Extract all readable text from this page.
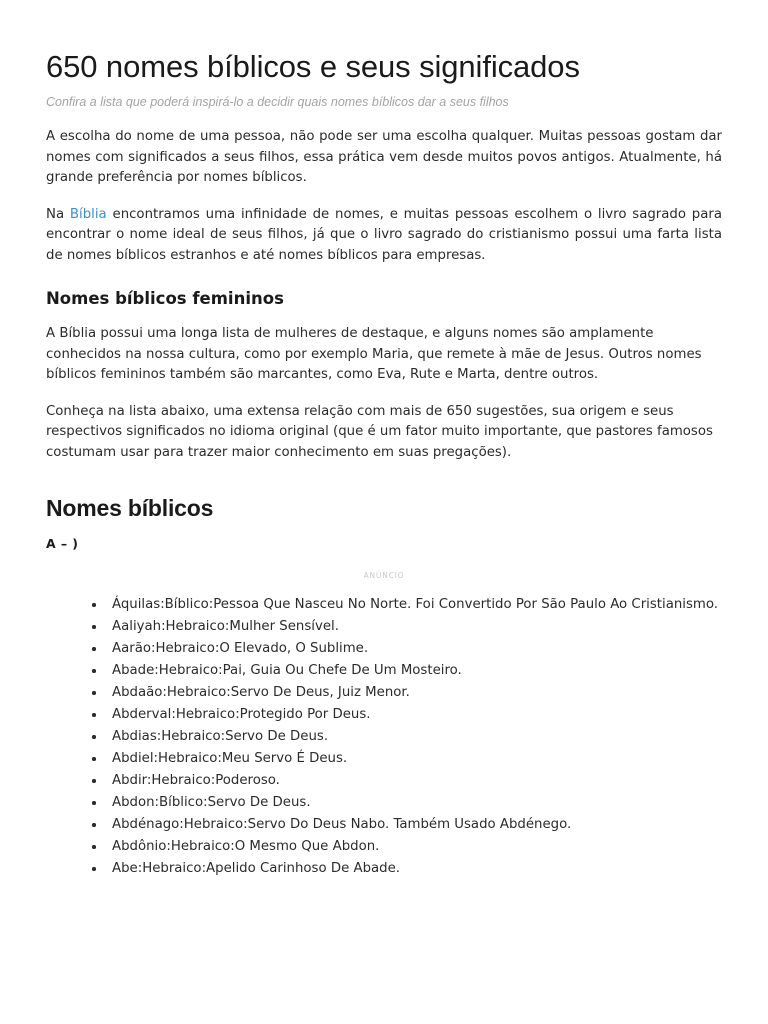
650 nomes bíblicos e seus significados
Confira a lista que poderá inspirá-lo a decidir quais nomes bíblicos dar a seus filhos

A escolha do nome de uma pessoa, não pode ser uma escolha qualquer. Muitas pessoas gostam dar nomes com significados a seus filhos, essa prática vem desde muitos povos antigos. Atualmente, há grande preferência por nomes bíblicos.

Na Bíblia encontramos uma infinidade de nomes, e muitas pessoas escolhem o livro sagrado para encontrar o nome ideal de seus filhos, já que o livro sagrado do cristianismo possui uma farta lista de nomes bíblicos estranhos e até nomes bíblicos para empresas.

Nomes bíblicos femininos

A Bíblia possui uma longa lista de mulheres de destaque, e alguns nomes são amplamente conhecidos na nossa cultura, como por exemplo Maria, que remete à mãe de Jesus. Outros nomes bíblicos femininos também são marcantes, como Eva, Rute e Marta, dentre outros.

Conheça na lista abaixo, uma extensa relação com mais de 650 sugestões, sua origem e seus respectivos significados no idioma original (que é um fator muito importante, que pastores famosos costumam usar para trazer maior conhecimento em suas pregações).

Nomes bíblicos
A – )
ANÚNCIO
Áquilas:Bíblico:Pessoa Que Nasceu No Norte. Foi Convertido Por São Paulo Ao Cristianismo.
Aaliyah:Hebraico:Mulher Sensível.
Aarão:Hebraico:O Elevado, O Sublime.
Abade:Hebraico:Pai, Guia Ou Chefe De Um Mosteiro.
Abdaão:Hebraico:Servo De Deus, Juiz Menor.
Abderval:Hebraico:Protegido Por Deus.
Abdias:Hebraico:Servo De Deus.
Abdiel:Hebraico:Meu Servo É Deus.
Abdir:Hebraico:Poderoso.
Abdon:Bíblico:Servo De Deus.
Abdénago:Hebraico:Servo Do Deus Nabo. Também Usado Abdénego.
Abdônio:Hebraico:O Mesmo Que Abdon.
Abe:Hebraico:Apelido Carinhoso De Abade.
